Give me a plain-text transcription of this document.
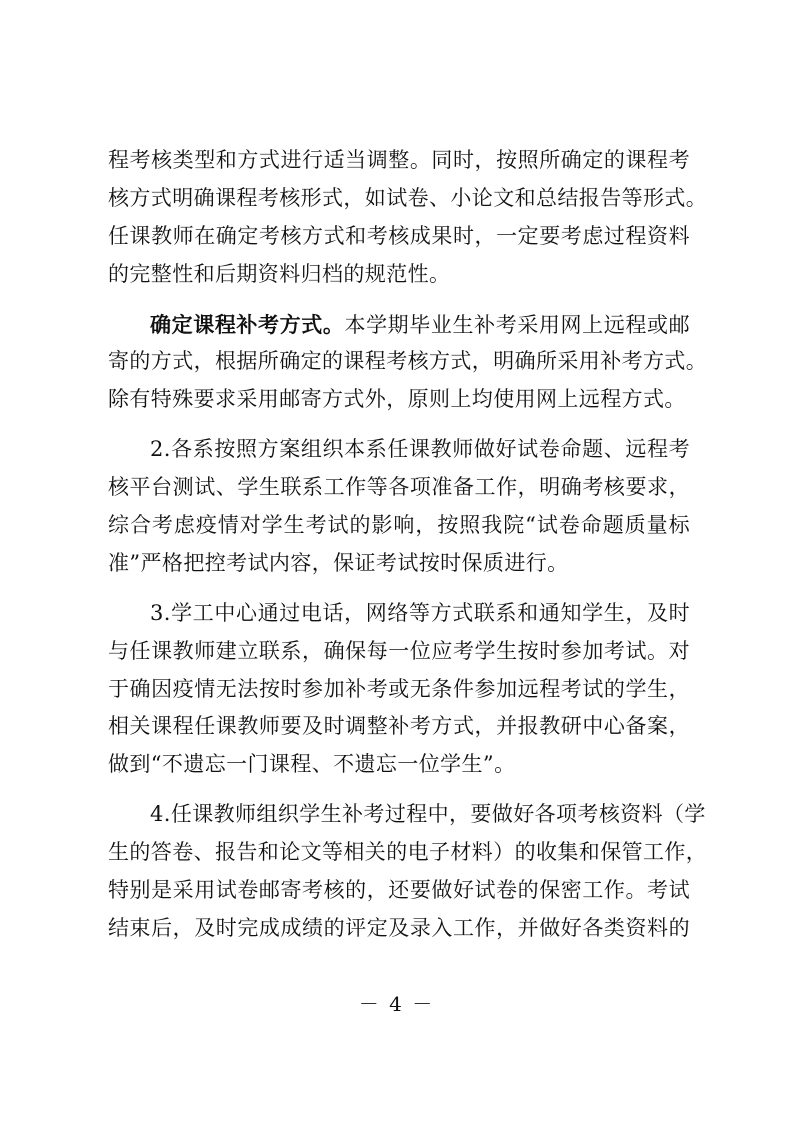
程考核类型和方式进行适当调整。同时，按照所确定的课程考
核方式明确课程考核形式，如试卷、小论文和总结报告等形式。
任课教师在确定考核方式和考核成果时，一定要考虑过程资料
的完整性和后期资料归档的规范性。
确定课程补考方式。本学期毕业生补考采用网上远程或邮
寄的方式，根据所确定的课程考核方式，明确所采用补考方式。
除有特殊要求采用邮寄方式外，原则上均使用网上远程方式。
2.各系按照方案组织本系任课教师做好试卷命题、远程考
核平台测试、学生联系工作等各项准备工作，明确考核要求，
综合考虑疫情对学生考试的影响，按照我院“试卷命题质量标
准”严格把控考试内容，保证考试按时保质进行。
3.学工中心通过电话，网络等方式联系和通知学生，及时
与任课教师建立联系，确保每一位应考学生按时参加考试。对
于确因疫情无法按时参加补考或无条件参加远程考试的学生，
相关课程任课教师要及时调整补考方式，并报教研中心备案，
做到“不遗忘一门课程、不遗忘一位学生”。
4.任课教师组织学生补考过程中，要做好各项考核资料（学
生的答卷、报告和论文等相关的电子材料）的收集和保管工作，
特别是采用试卷邮寄考核的，还要做好试卷的保密工作。考试
结束后，及时完成成绩的评定及录入工作，并做好各类资料的
－ 4 －
